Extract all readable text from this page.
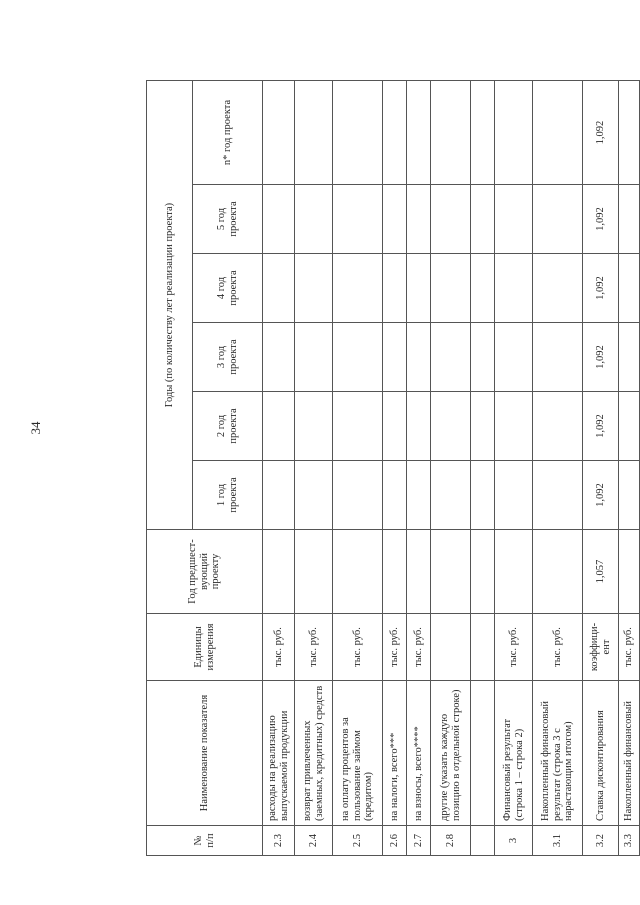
34
№ п/п	Наименование показателя	Единицы измерения	Год предшест-вующий проекту	Годы (по количеству лет реализации проекта)					
				1 год проекта	2 год проекта	3 год проекта	4 год проекта	5 год проекта	n* год проекта
2.3	расходы на реализацию выпускаемой продукции	тыс. руб.							
2.4	возврат привлеченных (заемных, кредитных) средств	тыс. руб.							
2.5	на оплату процентов за пользование займом (кредитом)	тыс. руб.							
2.6	на налоги, всего***	тыс. руб.							
2.7	на взносы, всего****	тыс. руб.							
2.8	другие (указать каждую позицию в отдельной строке)								

3	Финансовый результат (строка 1 – строка 2)	тыс. руб.							
3.1	Накопленный финансовый результат (строка 3 с нарастающим итогом)	тыс. руб.							
3.2	Ставка дисконтирования	коэффици-ент	1,057	1,092	1,092	1,092	1,092	1,092	1,092
3.3	Накопленный финансовый	тыс. руб.							
